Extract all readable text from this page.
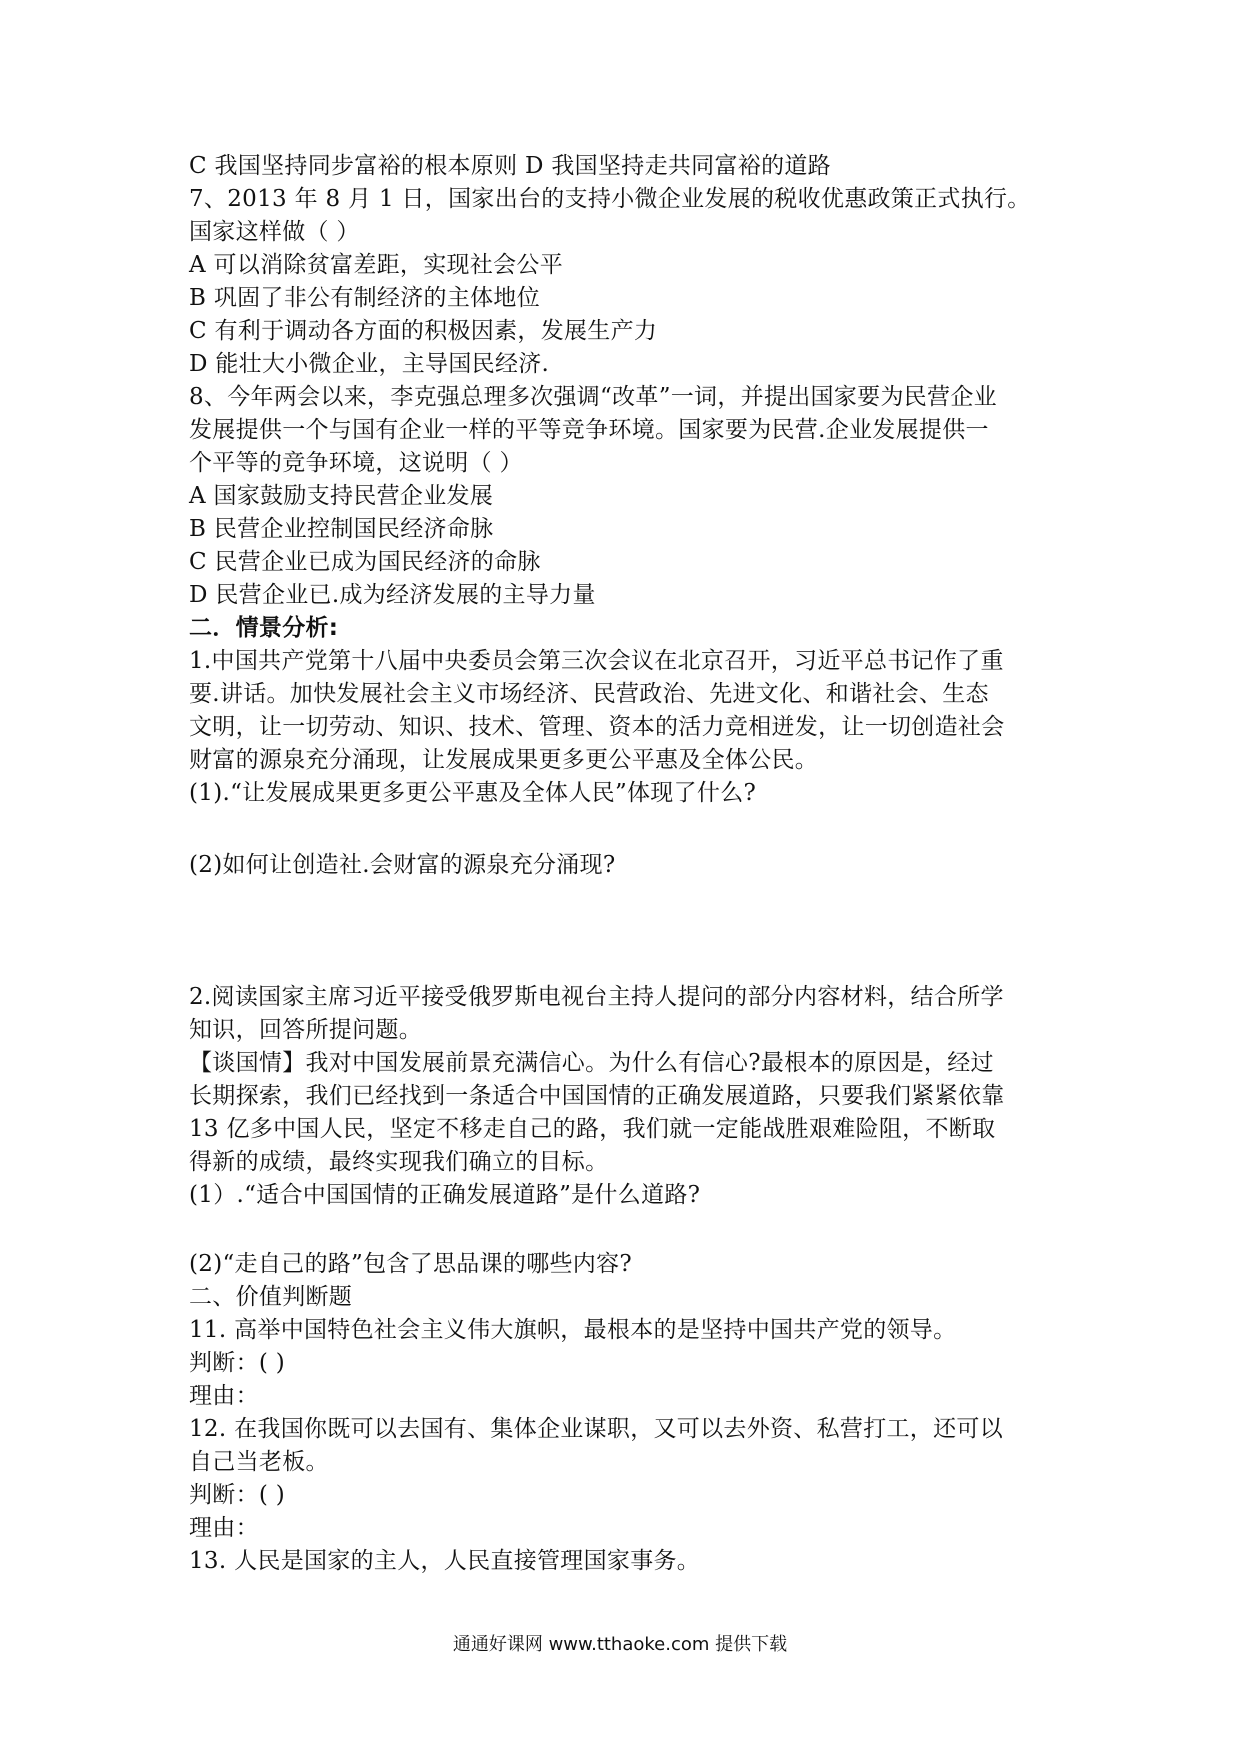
C 我国坚持同步富裕的根本原则 D 我国坚持走共同富裕的道路
7、2013 年 8 月 1 日，国家出台的支持小微企业发展的税收优惠政策正式执行。
国家这样做（ ）
A 可以消除贫富差距，实现社会公平
B 巩固了非公有制经济的主体地位
C 有利于调动各方面的积极因素，发展生产力
D 能壮大小微企业，主导国民经济.
8、今年两会以来，李克强总理多次强调“改革”一词，并提出国家要为民营企业
发展提供一个与国有企业一样的平等竞争环境。国家要为民营.企业发展提供一
个平等的竞争环境，这说明（ ）
A 国家鼓励支持民营企业发展
B 民营企业控制国民经济命脉
C 民营企业已成为国民经济的命脉
D 民营企业已.成为经济发展的主导力量
二．情景分析:
1.中国共产党第十八届中央委员会第三次会议在北京召开，习近平总书记作了重
要.讲话。加快发展社会主义市场经济、民营政治、先进文化、和谐社会、生态
文明，让一切劳动、知识、技术、管理、资本的活力竞相迸发，让一切创造社会
财富的源泉充分涌现，让发展成果更多更公平惠及全体公民。
(1).“让发展成果更多更公平惠及全体人民”体现了什么?
(2)如何让创造社.会财富的源泉充分涌现?
2.阅读国家主席习近平接受俄罗斯电视台主持人提问的部分内容材料，结合所学
知识，回答所提问题。
【谈国情】我对中国发展前景充满信心。为什么有信心?最根本的原因是，经过
长期探索，我们已经找到一条适合中国国情的正确发展道路，只要我们紧紧依靠
13 亿多中国人民，坚定不移走自己的路，我们就一定能战胜艰难险阻，不断取
得新的成绩，最终实现我们确立的目标。
(1）.“适合中国国情的正确发展道路”是什么道路?
(2)“走自己的路”包含了思品课的哪些内容?
二、价值判断题
11. 高举中国特色社会主义伟大旗帜，最根本的是坚持中国共产党的领导。
判断：( )
理由：
12. 在我国你既可以去国有、集体企业谋职，又可以去外资、私营打工，还可以
自己当老板。
判断：( )
理由：
13. 人民是国家的主人，人民直接管理国家事务。
通通好课网 www.tthaoke.com 提供下载
